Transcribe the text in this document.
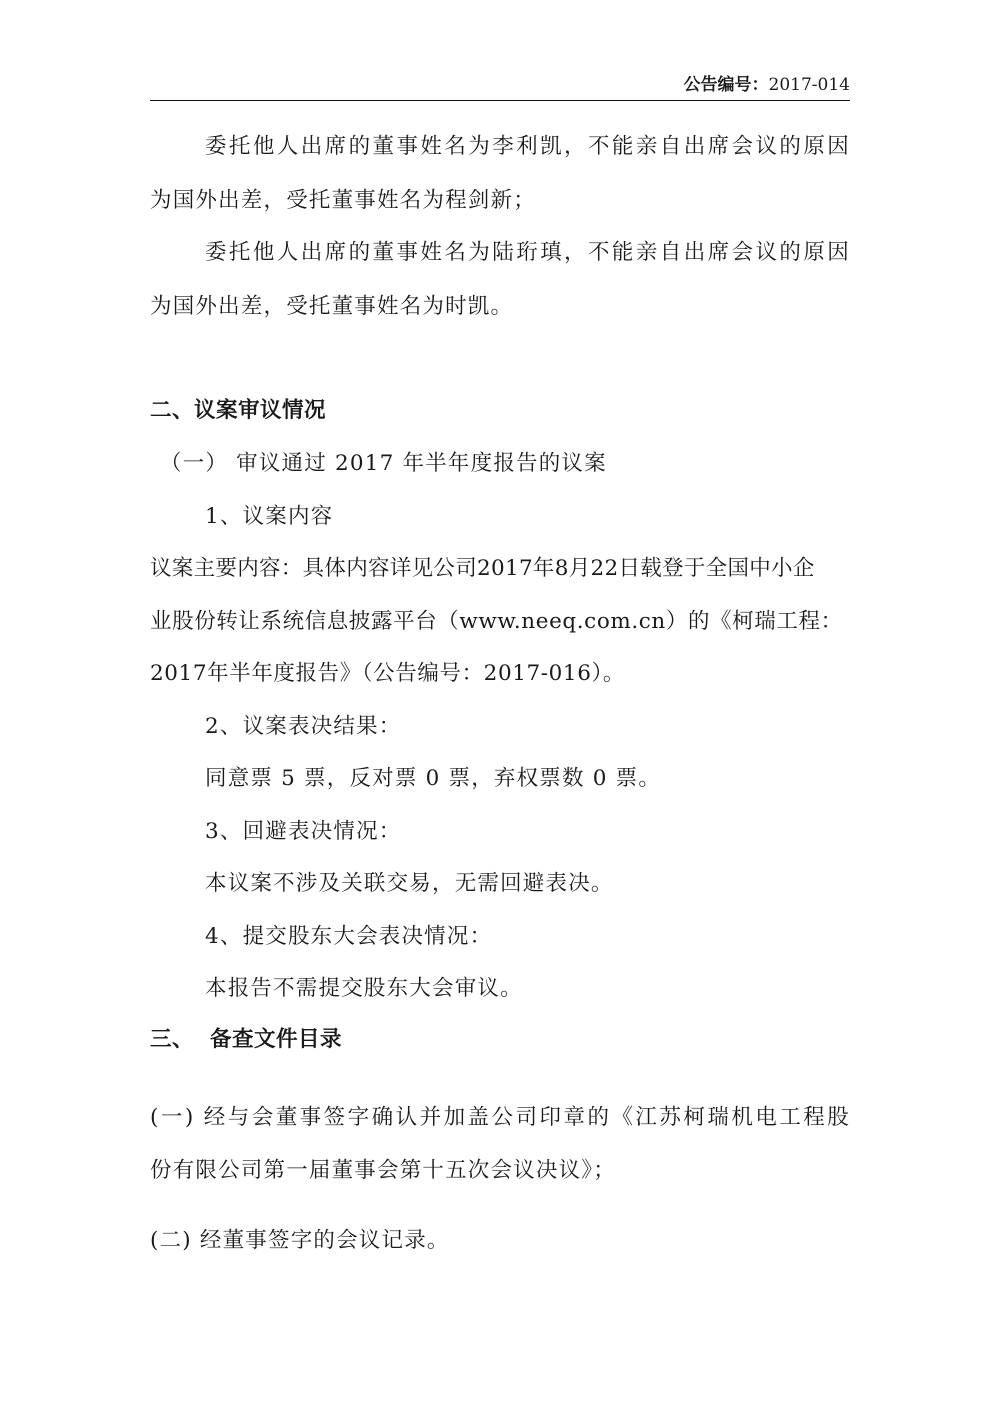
公告编号：2017-014
委托他人出席的董事姓名为李利凯，不能亲自出席会议的原因
为国外出差，受托董事姓名为程剑新；
委托他人出席的董事姓名为陆珩瑱，不能亲自出席会议的原因
为国外出差，受托董事姓名为时凯。
二、议案审议情况
（一） 审议通过 2017 年半年度报告的议案
1、议案内容
议案主要内容：具体内容详见公司2017年8月22日载登于全国中小企
业股份转让系统信息披露平台（www.neeq.com.cn）的《柯瑞工程：
2017年半年度报告》（公告编号：2017-016）。
2、议案表决结果：
同意票 5 票，反对票 0 票，弃权票数 0 票。
3、回避表决情况：
本议案不涉及关联交易，无需回避表决。
4、提交股东大会表决情况：
本报告不需提交股东大会审议。
三、  备查文件目录
(一) 经与会董事签字确认并加盖公司印章的《江苏柯瑞机电工程股
份有限公司第一届董事会第十五次会议决议》；
(二) 经董事签字的会议记录。
